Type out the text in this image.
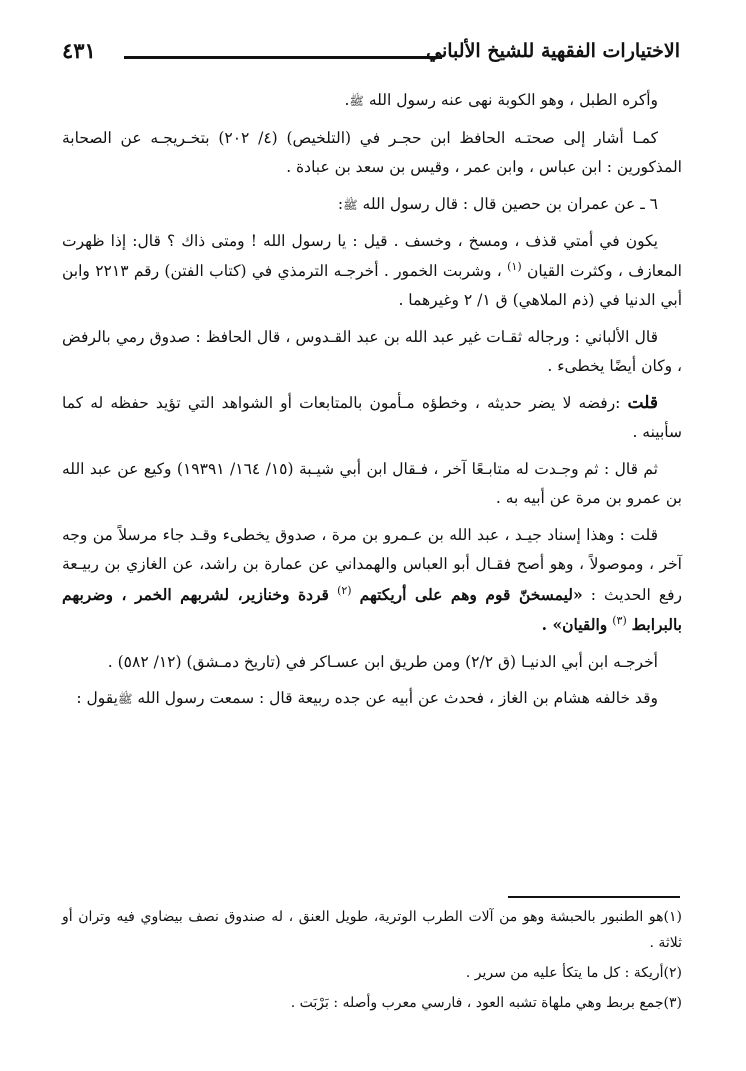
الاختيارات الفقهية للشيخ الألباني
٤٣١

وأكره الطبل ، وهو الكوبة نهى عنه رسول الله ﷺ.

كمـا أشار إلى صحتـه الحافظ ابن حجـر في (التلخيص) (٤/ ٢٠٢) بتخـريجـه عن الصحابة المذكورين : ابن عباس ، وابن عمر ، وقيس بن سعد بن عبادة .

٦ ـ عن عمران بن حصين قال : قال رسول الله ﷺ:

يكون في أمتي قذف ، ومسخ ، وخسف . قيل : يا رسول الله ! ومتى ذاك ؟ قال: إذا ظهرت المعازف ، وكثرت القيان $^{(١)}$ ، وشربت الخمور . أخرجـه الترمذي في (كتاب الفتن) رقم ٢٢١٣ وابن أبي الدنيا في (ذم الملاهي) ق ١/ ٢ وغيرهما .

قال الألباني : ورجاله ثقـات غير عبد الله بن عبد القـدوس ، قال الحافظ : صدوق رمي بالرفض ، وكان أيضًا يخطىء .

قلت :رفضه لا يضر حديثه ، وخطؤه مـأمون بالمتابعات أو الشواهد التي تؤيد حفظه له كما سأبينه .

ثم قال : ثم وجـدت له متابـعًا آخر ، فـقال ابن أبي شيـبة (١٥/ ١٦٤/ ١٩٣٩١) وكيع عن عبد الله بن عمرو بن مرة عن أبيه به .

قلت : وهذا إسناد جيـد ، عبد الله بن عـمرو بن مرة ، صدوق يخطىء وقـد جاء مرسلاً من وجه آخر ، وموصولاً ، وهو أصح فقـال أبو العباس والهمداني عن عمارة بن راشد، عن الغازي بن ربيـعة رفع الحديث : «ليمسخنّ قوم وهم على أريكتهم $^{(٢)}$ قردة وخنازير، لشربهم الخمر ، وضربهم بالبرابط $^{(٣)}$ والقيان» .

أخرجـه ابن أبي الدنيـا (ق ٢/٢) ومن طريق ابن عسـاكر في (تاريخ دمـشق) (١٢/ ٥٨٢) .

وقد خالفه هشام بن الغاز ، فحدث عن أبيه عن جده ربيعة قال : سمعت رسول الله ﷺيقول :

(١)هو الطنبور بالحبشة وهو من آلات الطرب الوترية، طويل العنق ، له صندوق نصف بيضاوي فيه وتران أو ثلاثة .

(٢)أريكة : كل ما يتكأ عليه من سرير .

(٣)جمع بربط وهي ملهاة تشبه العود ، فارسي معرب وأصله : بَرْبَت .
